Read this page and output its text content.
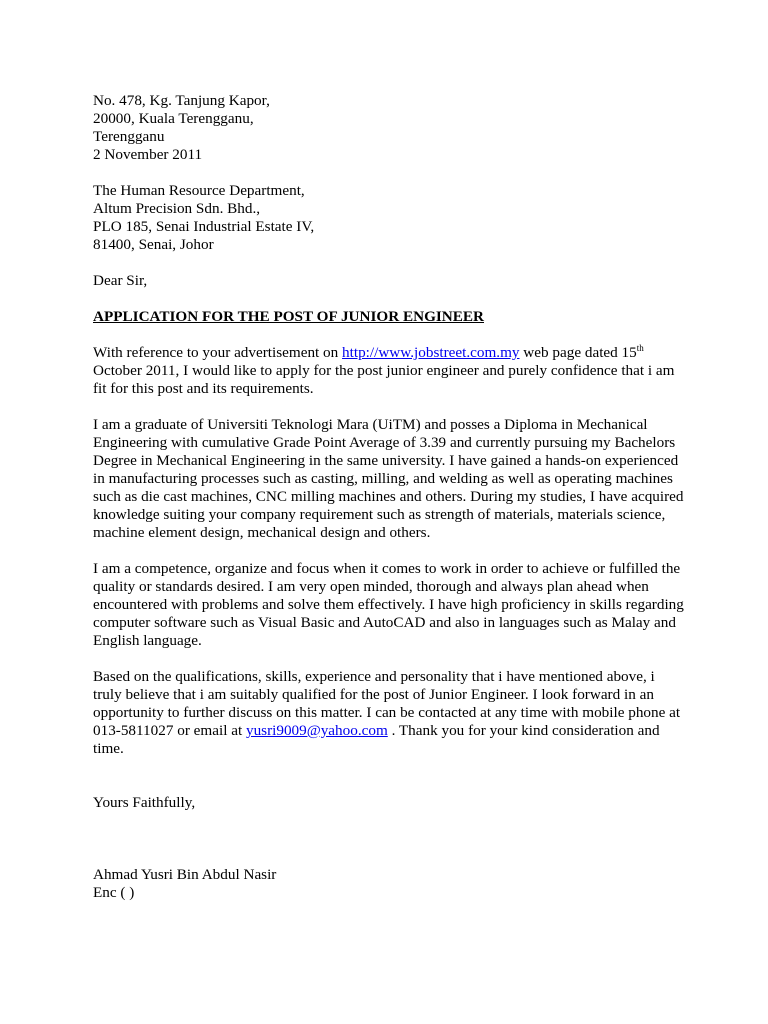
No. 478, Kg. Tanjung Kapor,
20000, Kuala Terengganu,
Terengganu
2 November 2011
The Human Resource Department,
Altum Precision Sdn. Bhd.,
PLO 185, Senai Industrial Estate IV,
81400, Senai, Johor
Dear Sir,
APPLICATION FOR THE POST OF JUNIOR ENGINEER

With reference to your advertisement on http://www.jobstreet.com.my web page dated 15th October 2011, I would like to apply for the post junior engineer and purely confidence that i am fit for this post and its requirements.

I am a graduate of Universiti Teknologi Mara (UiTM) and posses a Diploma in Mechanical Engineering with cumulative Grade Point Average of 3.39 and currently pursuing my Bachelors Degree in Mechanical Engineering in the same university. I have gained a hands-on experienced in manufacturing processes such as casting, milling, and welding as well as operating machines such as die cast machines, CNC milling machines and others. During my studies, I have acquired knowledge suiting your company requirement such as strength of materials, materials science, machine element design, mechanical design and others.

I am a competence, organize and focus when it comes to work in order to achieve or fulfilled the quality or standards desired. I am very open minded, thorough and always plan ahead when encountered with problems and solve them effectively. I have high proficiency in skills regarding computer software such as Visual Basic and AutoCAD and also in languages such as Malay and English language.

Based on the qualifications, skills, experience and personality that i have mentioned above, i truly believe that i am suitably qualified for the post of Junior Engineer. I look forward in an opportunity to further discuss on this matter. I can be contacted at any time with mobile phone at 013-5811027 or email at yusri9009@yahoo.com . Thank you for your kind consideration and time.

Yours Faithfully,
Ahmad Yusri Bin Abdul Nasir
Enc ( )
